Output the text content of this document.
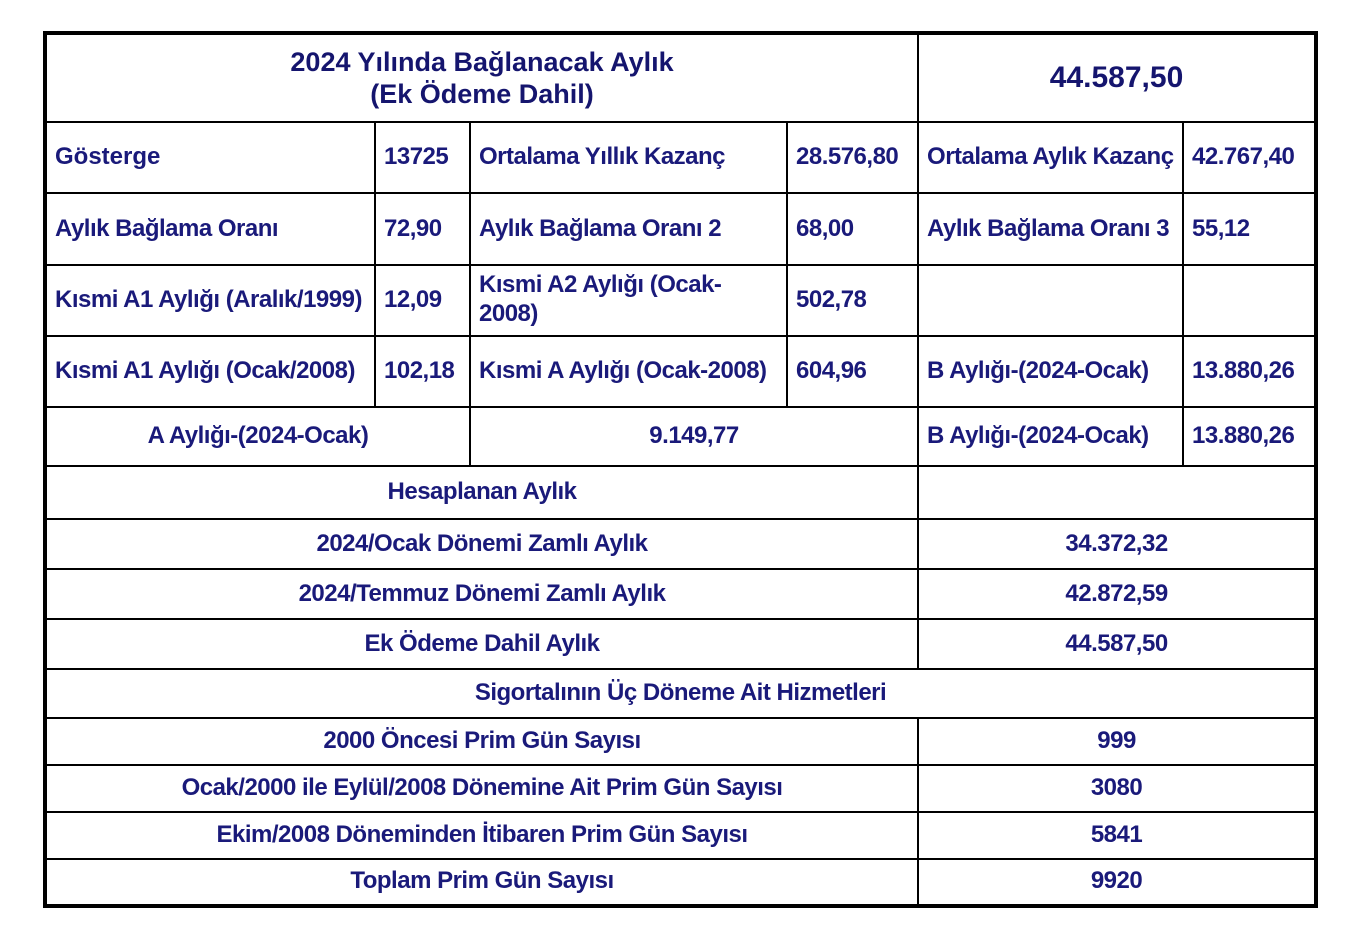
2024 Yılında Bağlanacak Aylık
(Ek Ödeme Dahil)				44.587,50	
Gösterge	13725	Ortalama Yıllık Kazanç	28.576,80	Ortalama Aylık Kazanç	42.767,40
Aylık Bağlama Oranı	72,90	Aylık Bağlama Oranı 2	68,00	Aylık Bağlama Oranı 3	55,12
Kısmi A1 Aylığı (Aralık/1999)	12,09	Kısmi A2 Aylığı (Ocak-2008)	502,78		
Kısmi A1 Aylığı (Ocak/2008)	102,18	Kısmi A Aylığı (Ocak-2008)	604,96	B Aylığı-(2024-Ocak)	13.880,26
A Aylığı-(2024-Ocak)		9.149,77		B Aylığı-(2024-Ocak)	13.880,26
Hesaplanan Aylık					
2024/Ocak Dönemi Zamlı Aylık				34.372,32	
2024/Temmuz Dönemi Zamlı Aylık				42.872,59	
Ek Ödeme Dahil Aylık				44.587,50	
Sigortalının Üç Döneme Ait Hizmetleri					
2000 Öncesi Prim Gün Sayısı				999	
Ocak/2000 ile Eylül/2008 Dönemine Ait Prim Gün Sayısı				3080	
Ekim/2008 Döneminden İtibaren Prim Gün Sayısı				5841	
Toplam Prim Gün Sayısı				9920	
